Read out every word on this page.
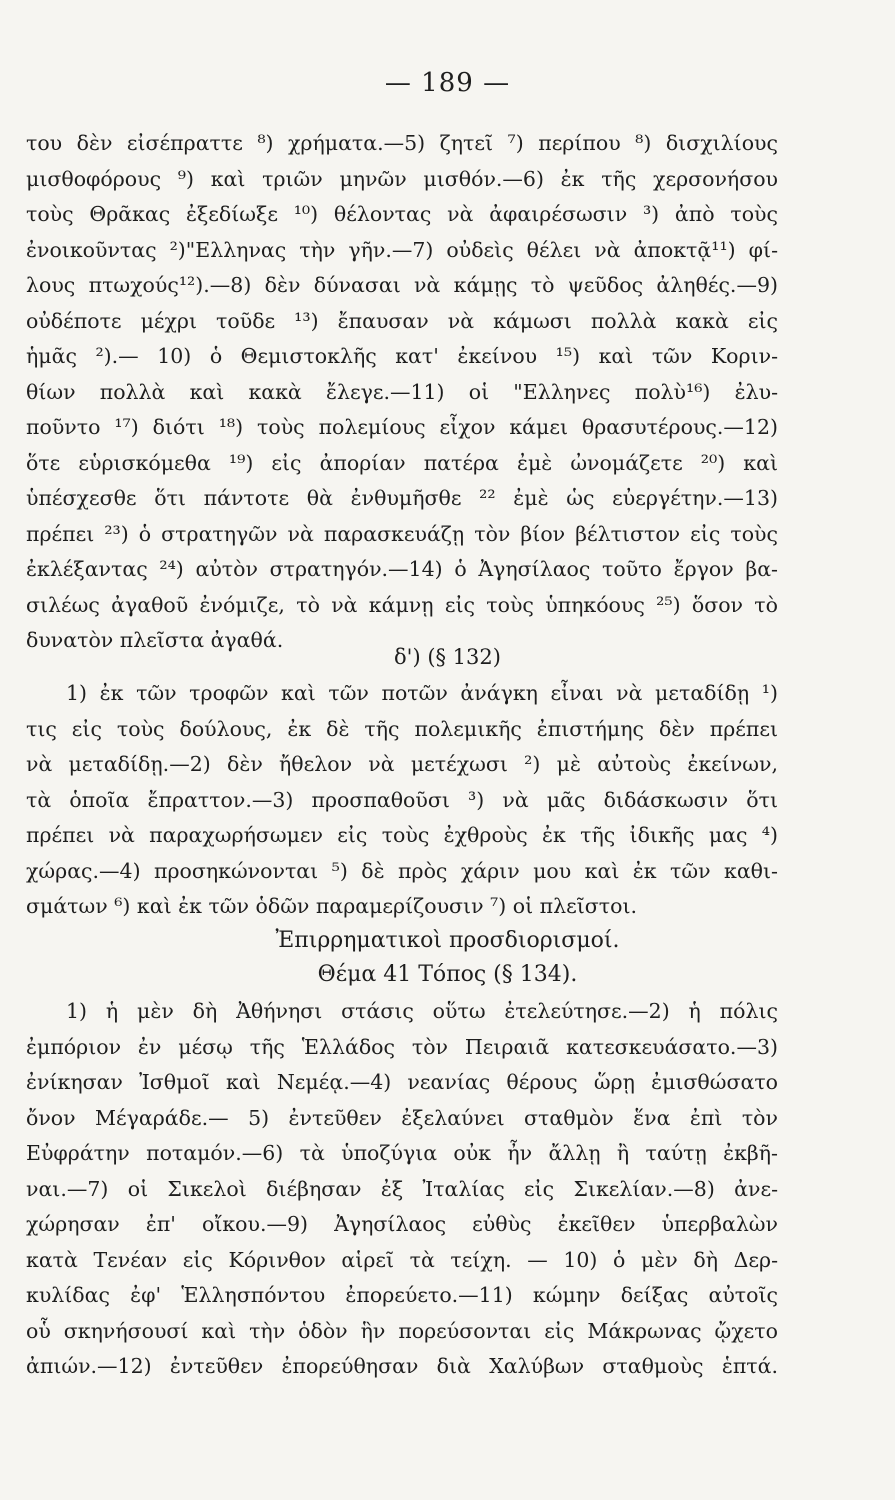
— 189 —
του δὲν εἰσέπραττε ⁸) χρήματα.—5) ζητεῖ ⁷) περίπου ⁸) δισχιλίους
μισθοφόρους ⁹) καὶ τριῶν μηνῶν μισθόν.—6) ἐκ τῆς χερσονήσου
τοὺς Θρᾶκας ἐξεδίωξε ¹⁰) θέλοντας νὰ ἀφαιρέσωσιν ³) ἀπὸ τοὺς
ἐνοικοῦντας ²)"Ελληνας τὴν γῆν.—7) οὐδεὶς θέλει νὰ ἀποκτᾷ¹¹) φί-
λους πτωχούς¹²).—8) δὲν δύνασαι νὰ κάμῃς τὸ ψεῦδος ἀληθές.—9)
οὐδέποτε μέχρι τοῦδε ¹³) ἔπαυσαν νὰ κάμωσι πολλὰ κακὰ εἰς
ἡμᾶς ²).— 10) ὁ Θεμιστοκλῆς κατ' ἐκείνου ¹⁵) καὶ τῶν Κοριν-
θίων πολλὰ καὶ κακὰ ἔλεγε.—11) οἱ "Ελληνες πολὺ¹⁶) ἐλυ-
ποῦντο ¹⁷) διότι ¹⁸) τοὺς πολεμίους εἶχον κάμει θρασυτέρους.—12)
ὅτε εὑρισκόμεθα ¹⁹) εἰς ἀπορίαν πατέρα ἐμὲ ὠνομάζετε ²⁰) καὶ
ὑπέσχεσθε ὅτι πάντοτε θὰ ἐνθυμῆσθε ²² ἐμὲ ὡς εὐεργέτην.—13)
πρέπει ²³) ὁ στρατηγῶν νὰ παρασκευάζῃ τὸν βίον βέλτιστον εἰς τοὺς
ἐκλέξαντας ²⁴) αὐτὸν στρατηγόν.—14) ὁ Ἀγησίλαος τοῦτο ἔργον βα-
σιλέως ἀγαθοῦ ἐνόμιζε, τὸ νὰ κάμνῃ εἰς τοὺς ὑπηκόους ²⁵) ὅσον τὸ
δυνατὸν πλεῖστα ἀγαθά.
δ') (§ 132)
1) ἐκ τῶν τροφῶν καὶ τῶν ποτῶν ἀνάγκη εἶναι νὰ μεταδίδῃ ¹)
τις εἰς τοὺς δούλους, ἐκ δὲ τῆς πολεμικῆς ἐπιστήμης δὲν πρέπει
νὰ μεταδίδῃ.—2) δὲν ἤθελον νὰ μετέχωσι ²) μὲ αὐτοὺς ἐκείνων,
τὰ ὁποῖα ἔπραττον.—3) προσπαθοῦσι ³) νὰ μᾶς διδάσκωσιν ὅτι
πρέπει νὰ παραχωρήσωμεν εἰς τοὺς ἐχθροὺς ἐκ τῆς ἰδικῆς μας ⁴)
χώρας.—4) προσηκώνονται ⁵) δὲ πρὸς χάριν μου καὶ ἐκ τῶν καθι-
σμάτων ⁶) καὶ ἐκ τῶν ὁδῶν παραμερίζουσιν ⁷) οἱ πλεῖστοι.
Ἐπιρρηματικοὶ προσδιορισμοί.
Θέμα 41 Τόπος (§ 134).
1) ἡ μὲν δὴ Ἀθήνησι στάσις οὕτω ἐτελεύτησε.—2) ἡ πόλις
ἐμπόριον ἐν μέσῳ τῆς Ἑλλάδος τὸν Πειραιᾶ κατεσκευάσατο.—3)
ἐνίκησαν Ἰσθμοῖ καὶ Νεμέᾳ.—4) νεανίας θέρους ὥρῃ ἐμισθώσατο
ὄνον Μέγαράδε.— 5) ἐντεῦθεν ἐξελαύνει σταθμὸν ἕνα ἐπὶ τὸν
Εὐφράτην ποταμόν.—6) τὰ ὑποζύγια οὐκ ἦν ἄλλῃ ἢ ταύτῃ ἐκβῆ-
ναι.—7) οἱ Σικελοὶ διέβησαν ἐξ Ἰταλίας εἰς Σικελίαν.—8) ἀνε-
χώρησαν ἐπ' οἴκου.—9) Ἀγησίλαος εὐθὺς ἐκεῖθεν ὑπερβαλὼν
κατὰ Τενέαν εἰς Κόρινθον αἱρεῖ τὰ τείχη. — 10) ὁ μὲν δὴ Δερ-
κυλίδας ἐφ' Ἑλλησπόντου ἐπορεύετο.—11) κώμην δείξας αὐτοῖς
οὗ σκηνήσουσί καὶ τὴν ὁδὸν ἣν πορεύσονται εἰς Μάκρωνας ᾤχετο
ἀπιών.—12) ἐντεῦθεν ἐπορεύθησαν διὰ Χαλύβων σταθμοὺς ἑπτά.
